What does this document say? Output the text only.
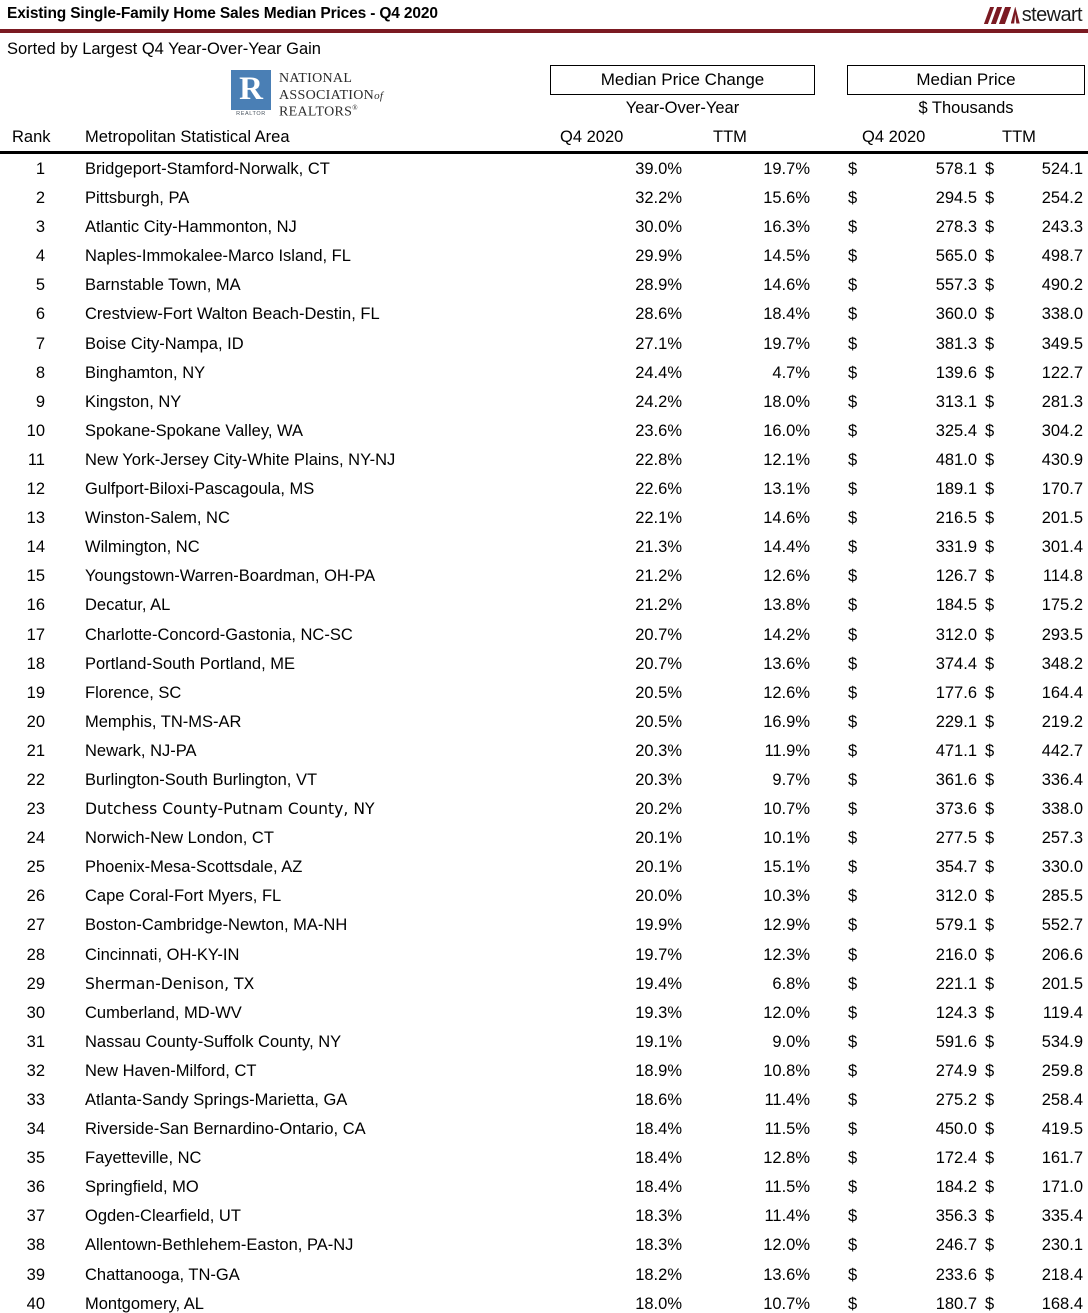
Existing Single-Family Home Sales Median Prices - Q4 2020	stewart
Sorted by Largest Q4 Year-Over-Year Gain
R
REALTOR
NATIONAL
ASSOCIATIONof
REALTORS®
Median Price Change	Median Price
Year-Over-Year	$ Thousands
Rank	Metropolitan Statistical Area	Q4 2020	TTM	Q4 2020	TTM
1 Bridgeport-Stamford-Norwalk, CT	39.0%	19.7% $	578.1 $	524.1
2 Pittsburgh, PA	32.2%	15.6% $	294.5 $	254.2
3 Atlantic City-Hammonton, NJ	30.0%	16.3% $	278.3 $	243.3
4 Naples-Immokalee-Marco Island, FL	29.9%	14.5% $	565.0 $	498.7
5 Barnstable Town, MA	28.9%	14.6% $	557.3 $	490.2
6 Crestview-Fort Walton Beach-Destin, FL	28.6%	18.4% $	360.0 $	338.0
7 Boise City-Nampa, ID	27.1%	19.7% $	381.3 $	349.5
8 Binghamton, NY	24.4%	4.7% $	139.6 $	122.7
9 Kingston, NY	24.2%	18.0% $	313.1 $	281.3
10 Spokane-Spokane Valley, WA	23.6%	16.0% $	325.4 $	304.2
11 New York-Jersey City-White Plains, NY-NJ	22.8%	12.1% $	481.0 $	430.9
12 Gulfport-Biloxi-Pascagoula, MS	22.6%	13.1% $	189.1 $	170.7
13 Winston-Salem, NC	22.1%	14.6% $	216.5 $	201.5
14 Wilmington, NC	21.3%	14.4% $	331.9 $	301.4
15 Youngstown-Warren-Boardman, OH-PA	21.2%	12.6% $	126.7 $	114.8
16 Decatur, AL	21.2%	13.8% $	184.5 $	175.2
17 Charlotte-Concord-Gastonia, NC-SC	20.7%	14.2% $	312.0 $	293.5
18 Portland-South Portland, ME	20.7%	13.6% $	374.4 $	348.2
19 Florence, SC	20.5%	12.6% $	177.6 $	164.4
20 Memphis, TN-MS-AR	20.5%	16.9% $	229.1 $	219.2
21 Newark, NJ-PA	20.3%	11.9% $	471.1 $	442.7
22 Burlington-South Burlington, VT	20.3%	9.7% $	361.6 $	336.4
23	Dutchess County-Putnam County, NY	20.2%	10.7% $	373.6 $	338.0
24 Norwich-New London, CT	20.1%	10.1% $	277.5 $	257.3
25 Phoenix-Mesa-Scottsdale, AZ	20.1%	15.1% $	354.7 $	330.0
26 Cape Coral-Fort Myers, FL	20.0%	10.3% $	312.0 $	285.5
27 Boston-Cambridge-Newton, MA-NH	19.9%	12.9% $	579.1 $	552.7
28 Cincinnati, OH-KY-IN	19.7%	12.3% $	216.0 $	206.6
29	Sherman-Denison, TX	19.4%	6.8% $	221.1 $	201.5
30 Cumberland, MD-WV	19.3%	12.0% $	124.3 $	119.4
31 Nassau County-Suffolk County, NY	19.1%	9.0% $	591.6 $	534.9
32 New Haven-Milford, CT	18.9%	10.8% $	274.9 $	259.8
33 Atlanta-Sandy Springs-Marietta, GA	18.6%	11.4% $	275.2 $	258.4
34 Riverside-San Bernardino-Ontario, CA	18.4%	11.5% $	450.0 $	419.5
35 Fayetteville, NC	18.4%	12.8% $	172.4 $	161.7
36 Springfield, MO	18.4%	11.5% $	184.2 $	171.0
37 Ogden-Clearfield, UT	18.3%	11.4% $	356.3 $	335.4
38 Allentown-Bethlehem-Easton, PA-NJ	18.3%	12.0% $	246.7 $	230.1
39 Chattanooga, TN-GA	18.2%	13.6% $	233.6 $	218.4
40 Montgomery, AL	18.0%	10.7% $	180.7 $	168.4
